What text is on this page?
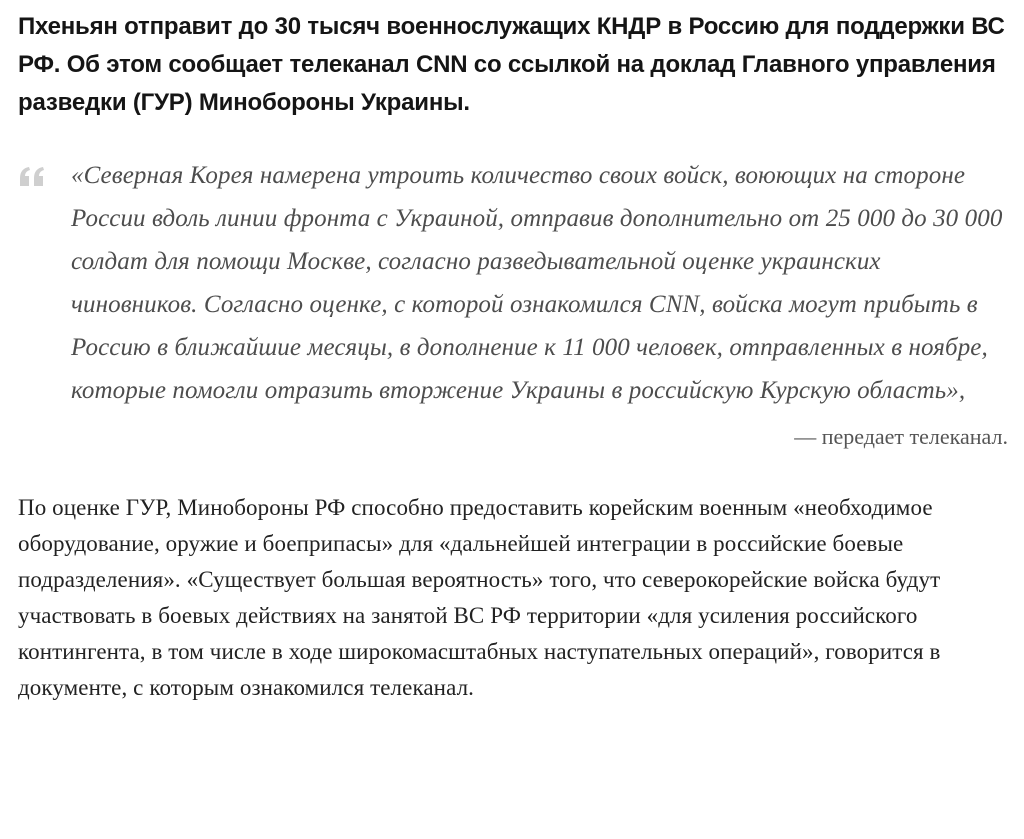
Пхеньян отправит до 30 тысяч военнослужащих КНДР в Россию для поддержки ВС РФ. Об этом сообщает телеканал CNN со ссылкой на доклад Главного управления разведки (ГУР) Минобороны Украины.

«Северная Корея намерена утроить количество своих войск, воюющих на стороне России вдоль линии фронта с Украиной, отправив дополнительно от 25 000 до 30 000 солдат для помощи Москве, согласно разведывательной оценке украинских чиновников. Согласно оценке, с которой ознакомился CNN, войска могут прибыть в Россию в ближайшие месяцы, в дополнение к 11 000 человек, отправленных в ноябре, которые помогли отразить вторжение Украины в российскую Курскую область»,

— передает телеканал.

По оценке ГУР, Минобороны РФ способно предоставить корейским военным «необходимое оборудование, оружие и боеприпасы» для «дальнейшей интеграции в российские боевые подразделения». «Существует большая вероятность» того, что северокорейские войска будут участвовать в боевых действиях на занятой ВС РФ территории «для усиления российского контингента, в том числе в ходе широкомасштабных наступательных операций», говорится в документе, с которым ознакомился телеканал.
